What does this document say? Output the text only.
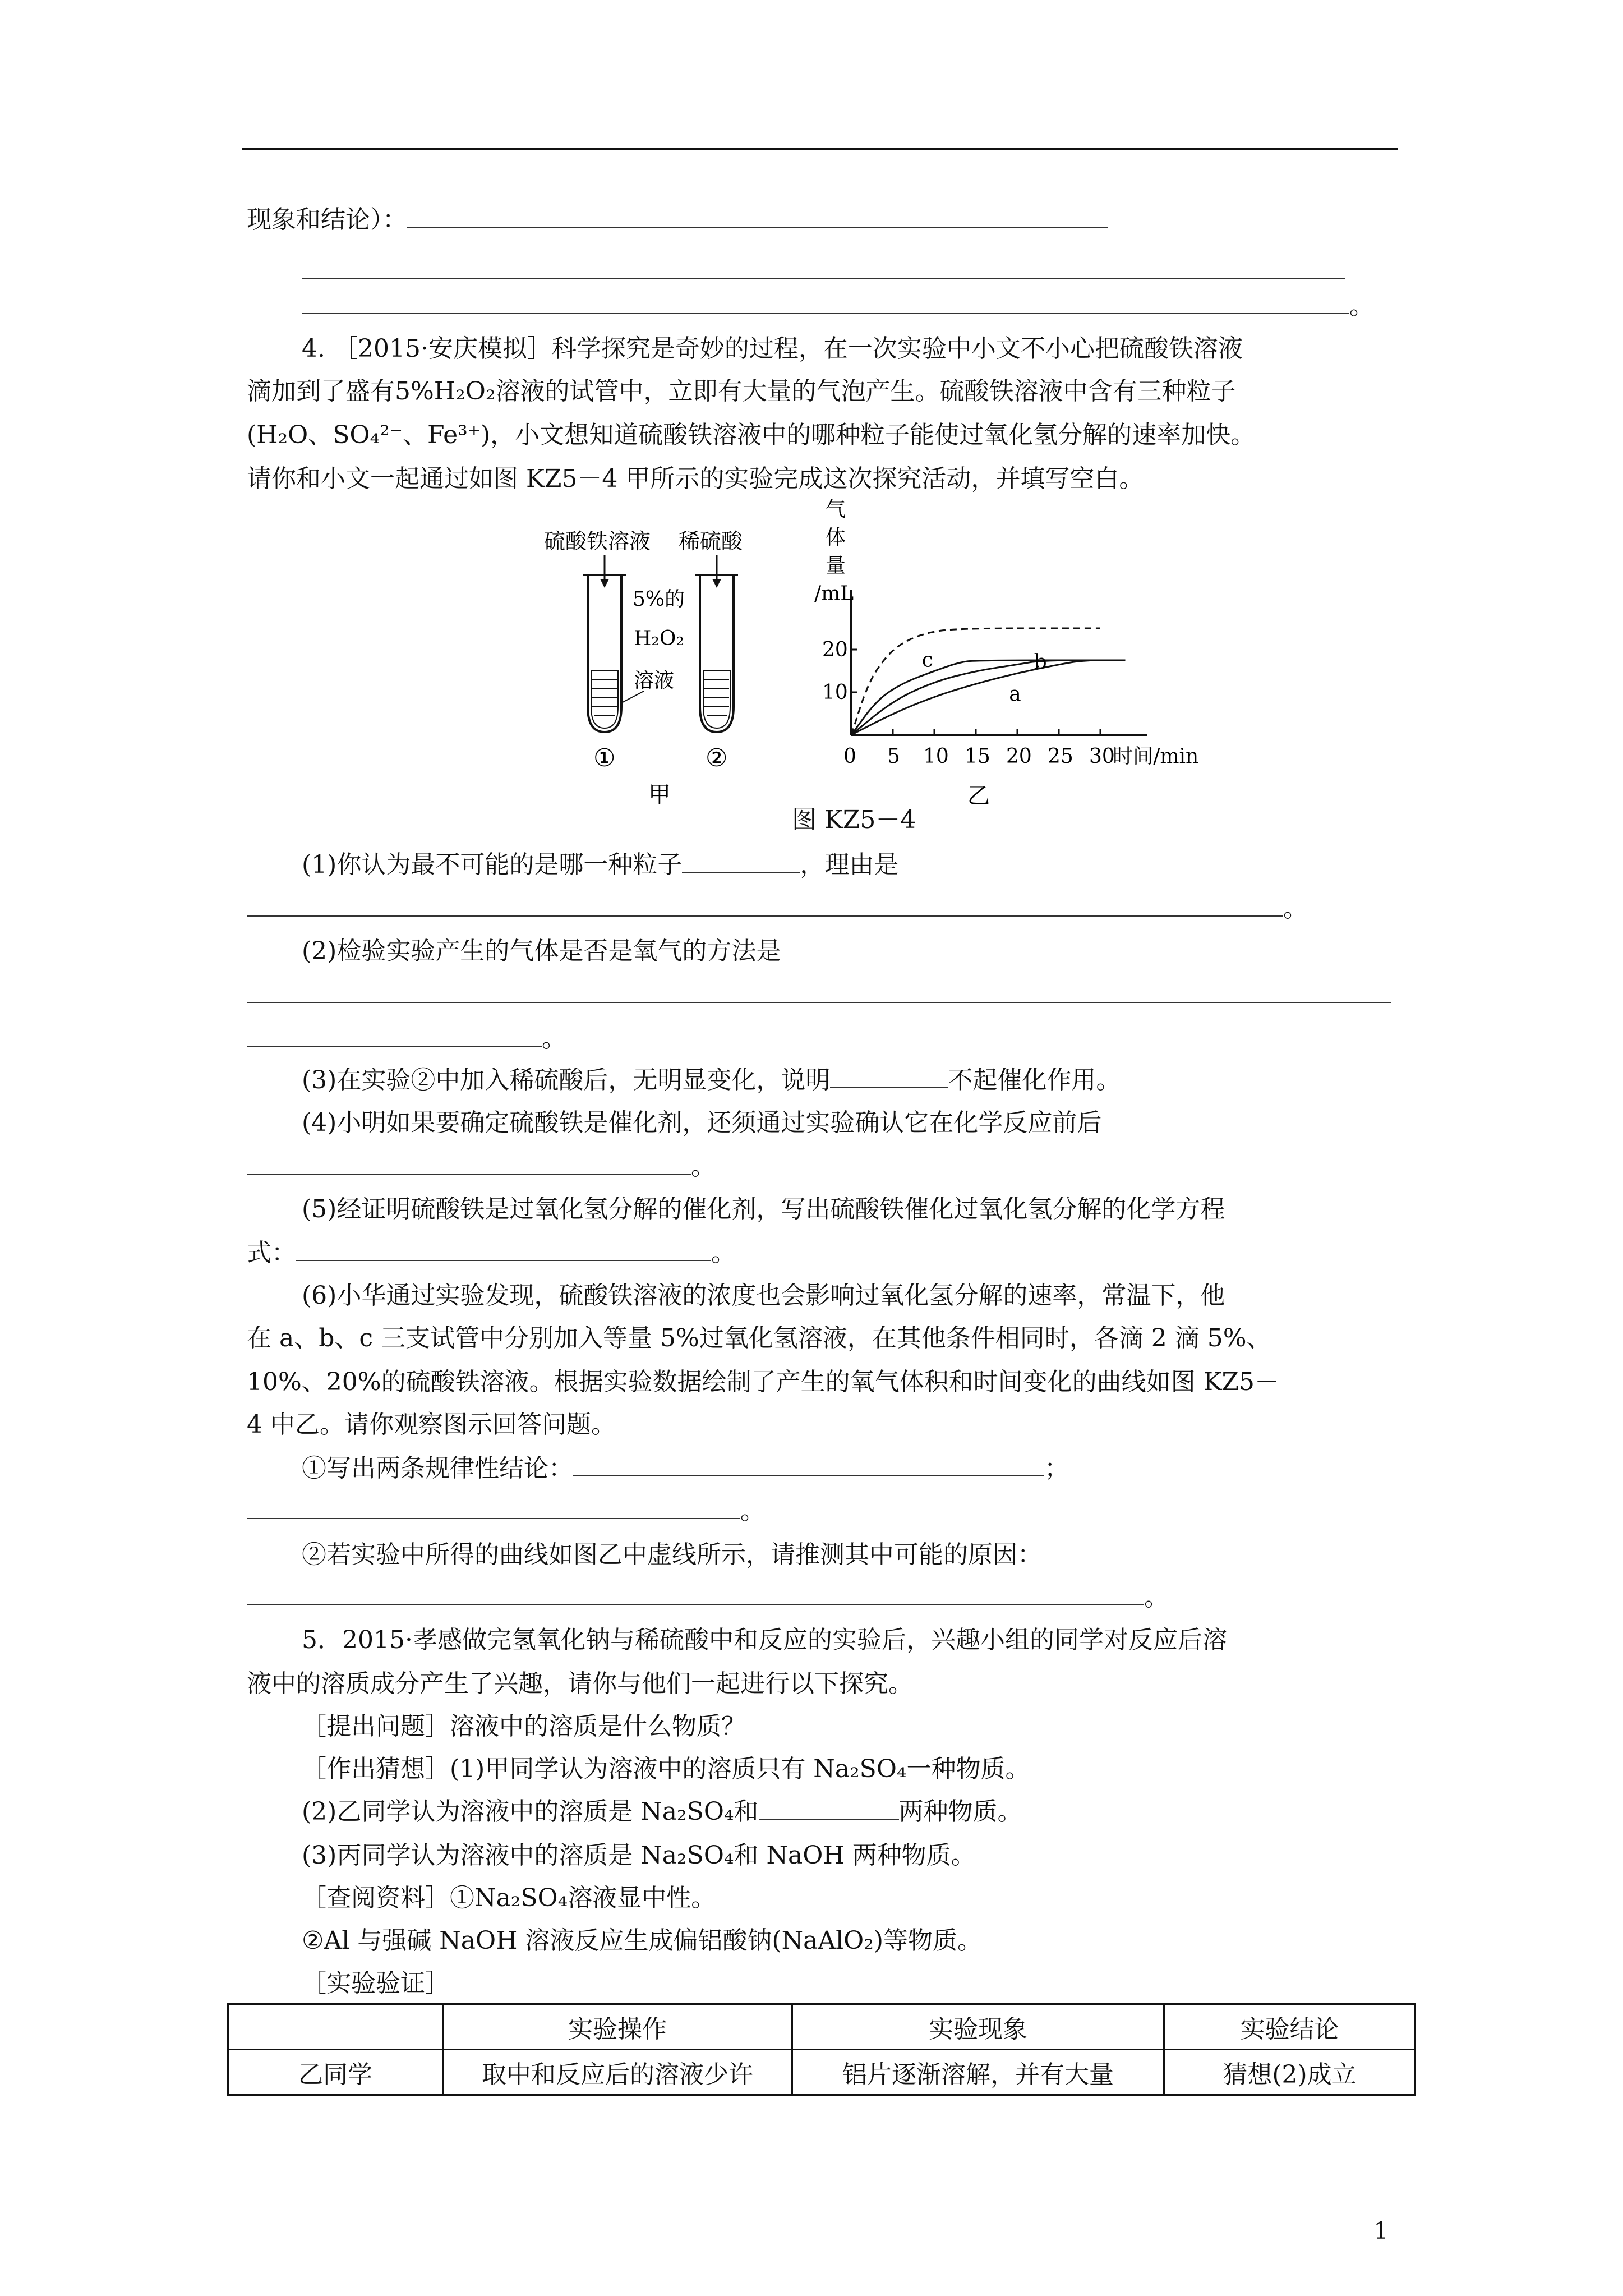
现象和结论）：
。
4. ［2015·安庆模拟］科学探究是奇妙的过程，在一次实验中小文不小心把硫酸铁溶液
滴加到了盛有5%H₂O₂溶液的试管中，立即有大量的气泡产生。硫酸铁溶液中含有三种粒子
(H₂O、SO₄²⁻、Fe³⁺)，小文想知道硫酸铁溶液中的哪种粒子能使过氧化氢分解的速率加快。
请你和小文一起通过如图 KZ5－4 甲所示的实验完成这次探究活动，并填写空白。
硫酸铁溶液 稀硫酸
5%的
H₂O₂
溶液
①	②
甲	乙
气
体
量
/mL
10
20
5 10 15 20 25 30
0	时间/min
a
b
c
图 KZ5－4
(1)你认为最不可能的是哪一种粒子	，理由是
。
(2)检验实验产生的气体是否是氧气的方法是
。
(3)在实验②中加入稀硫酸后，无明显变化，说明	不起催化作用。
(4)小明如果要确定硫酸铁是催化剂，还须通过实验确认它在化学反应前后
。
(5)经证明硫酸铁是过氧化氢分解的催化剂，写出硫酸铁催化过氧化氢分解的化学方程
式：	。
(6)小华通过实验发现，硫酸铁溶液的浓度也会影响过氧化氢分解的速率，常温下，他
在 a、b、c 三支试管中分别加入等量 5%过氧化氢溶液，在其他条件相同时，各滴 2 滴 5%、
10%、20%的硫酸铁溶液。根据实验数据绘制了产生的氧气体积和时间变化的曲线如图 KZ5－
4 中乙。请你观察图示回答问题。
①写出两条规律性结论：	；
。
②若实验中所得的曲线如图乙中虚线所示，请推测其中可能的原因：
。
5．2015·孝感做完氢氧化钠与稀硫酸中和反应的实验后，兴趣小组的同学对反应后溶
液中的溶质成分产生了兴趣，请你与他们一起进行以下探究。
［提出问题］溶液中的溶质是什么物质？
［作出猜想］(1)甲同学认为溶液中的溶质只有 Na₂SO₄一种物质。
(2)乙同学认为溶液中的溶质是 Na₂SO₄和	两种物质。
(3)丙同学认为溶液中的溶质是 Na₂SO₄和 NaOH 两种物质。
［查阅资料］①Na₂SO₄溶液显中性。
②Al 与强碱 NaOH 溶液反应生成偏铝酸钠(NaAlO₂)等物质。
［实验验证］
	实验操作	实验现象	实验结论
乙同学	取中和反应后的溶液少许	铝片逐渐溶解，并有大量	猜想(2)成立
1
